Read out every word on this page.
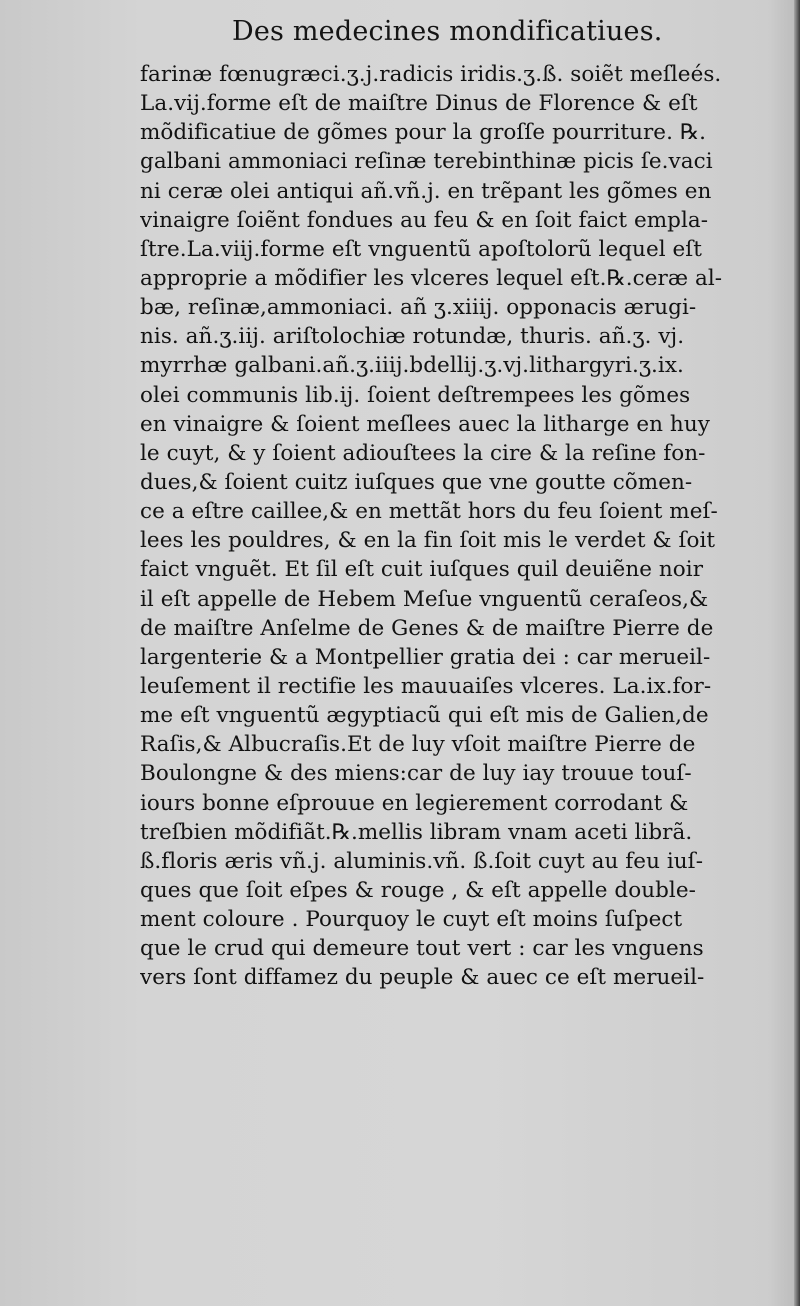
Des medecines mondificatiues.
farinæ fœnugræci.ʒ.j.radicis iridis.ʒ.ß. soiẽt meſleés.
La.vij.forme eſt de maiſtre Dinus de Florence & eſt
mõdificatiue de gõmes pour la groſſe pourriture. ℞.
galbani ammoniaci reſinæ terebinthinæ picis ſe.vaci
ni ceræ olei antiqui añ.vñ.j. en trẽpant les gõmes en
vinaigre ſoiẽnt fondues au feu & en ſoit faict empla-
ſtre.La.viij.forme eſt vnguentũ apoſtolorũ lequel eſt
approprie a mõdifier les vlceres lequel eſt.℞.ceræ al-
bæ, reſinæ,ammoniaci. añ ʒ.xiiij. opponacis ærugi-
nis. añ.ʒ.iij. ariſtolochiæ rotundæ, thuris. añ.ʒ. vj.
myrrhæ galbani.añ.ʒ.iiij.bdellij.ʒ.vj.lithargyri.ʒ.ix.
olei communis lib.ij. ſoient deſtrempees les gõmes
en vinaigre & ſoient meſlees auec la litharge en huy
le cuyt, & y ſoient adiouſtees la cire & la reſine fon-
dues,& ſoient cuitz iuſques que vne goutte cõmen-
ce a eſtre caillee,& en mettãt hors du feu ſoient meſ-
lees les pouldres, & en la fin ſoit mis le verdet & ſoit
faict vnguẽt. Et ſil eſt cuit iuſques quil deuiẽne noir
il eſt appelle de Hebem Meſue vnguentũ ceraſeos,&
de maiſtre Anſelme de Genes & de maiſtre Pierre de
largenterie & a Montpellier gratia dei : car merueil-
leuſement il rectifie les mauuaiſes vlceres. La.ix.for-
me eſt vnguentũ ægyptiacũ qui eſt mis de Galien,de
Raſis,& Albucraſis.Et de luy vſoit maiſtre Pierre de
Boulongne & des miens:car de luy iay trouue touſ-
iours bonne eſprouue en legierement corrodant &
treſbien mõdifiãt.℞.mellis libram vnam aceti librã.
ß.floris æris vñ.j. aluminis.vñ. ß.ſoit cuyt au feu iuſ-
ques que ſoit eſpes & rouge , & eſt appelle double-
ment coloure . Pourquoy le cuyt eſt moins ſuſpect
que le crud qui demeure tout vert : car les vnguens
vers ſont diffamez du peuple & auec ce eſt merueil-
